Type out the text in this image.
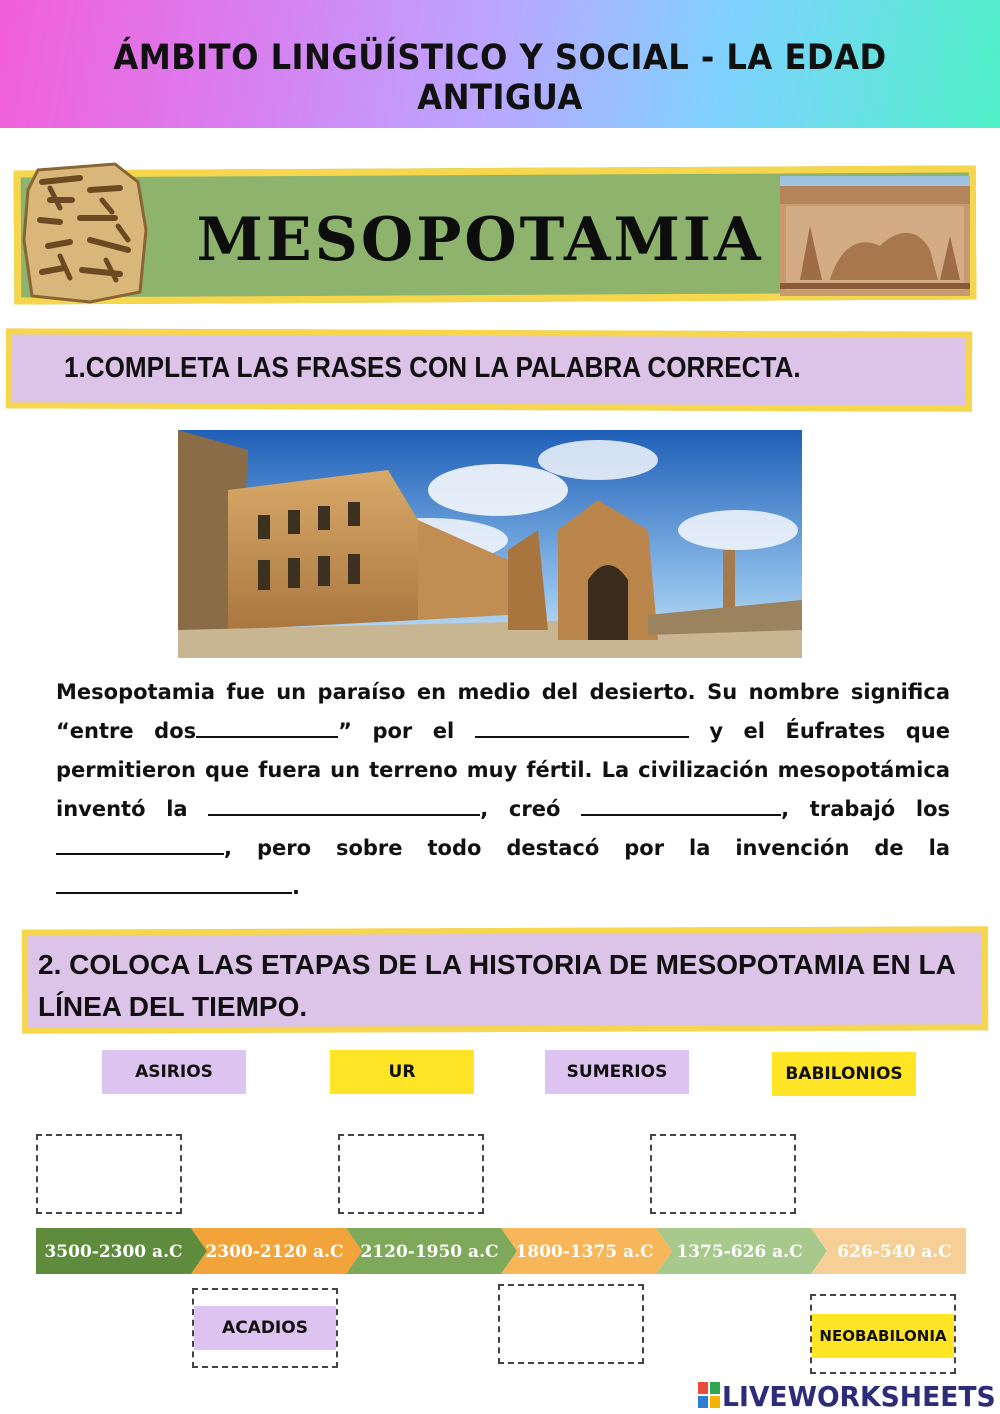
ÁMBITO LINGÜÍSTICO Y SOCIAL - LA EDAD ANTIGUA
MESOPOTAMIA
1.COMPLETA LAS FRASES CON LA PALABRA CORRECTA.
Mesopotamia fue un paraíso en medio del desierto. Su nombre significa “entre dos	” por el	y el Éufrates que permitieron que fuera un terreno muy fértil. La civilización mesopotámica inventó la	, creó	, trabajó los , pero sobre todo destacó por la invención de la .
2. COLOCA LAS ETAPAS DE LA HISTORIA DE MESOPOTAMIA EN LA LÍNEA DEL TIEMPO.
ASIRIOS	UR	SUMERIOS	BABILONIOS
3500-2300 a.C 2300-2120 a.C 2120-1950 a.C 1800-1375 a.C 1375-626 a.C 626-540 a.C
ACADIOS	NEOBABILONIA
LIVEWORKSHEETS
